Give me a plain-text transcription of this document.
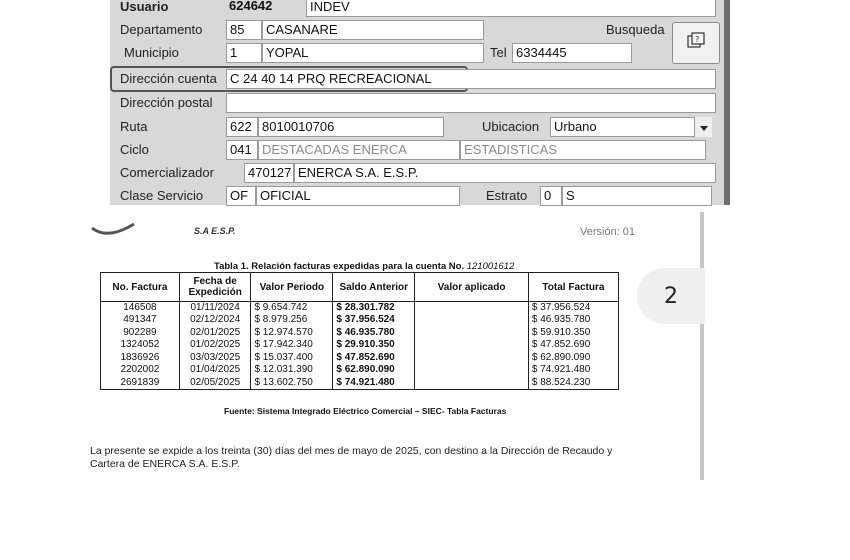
Usuario	624642	INDEV
Departamento	85	CASANARE	Busqueda
?
Municipio	1	YOPAL	Tel 6334445
Dirección cuenta	C 24 40 14 PRQ RECREACIONAL
Dirección postal
Ruta	622 8010010706	Ubicacion	Urbano
Ciclo	041 DESTACADAS ENERCA	ESTADISTICAS
Comercializador	470127 ENERCA S.A. E.S.P.
Clase Servicio	OF OFICIAL	Estrato	0	S
S.A E.S.P.	Versión: 01
Tabla 1. Relación facturas expedidas para la cuenta No. 121001612
No. Factura	Fecha de Expedición	Valor Periodo	Saldo Anterior	Valor aplicado	Total Factura
146508	01/11/2024	$ 9.654.742	$ 28.301.782		$ 37.956.524
491347	02/12/2024	$ 8.979.256	$ 37.956.524		$ 46.935.780
902289	02/01/2025	$ 12.974.570	$ 46.935.780		$ 59.910.350
1324052	01/02/2025	$ 17.942.340	$ 29.910.350		$ 47.852.690
1836926	03/03/2025	$ 15.037.400	$ 47.852.690		$ 62.890.090
2202002	01/04/2025	$ 12.031.390	$ 62.890.090		$ 74.921.480
2691839	02/05/2025	$ 13.602.750	$ 74.921.480		$ 88.524.230
Fuente: Sistema Integrado Eléctrico Comercial – SIEC- Tabla Facturas
La presente se expide a los treinta (30) días del mes de mayo de 2025, con destino a la Dirección de Recaudo y Cartera de ENERCA S.A. E.S.P.
2
